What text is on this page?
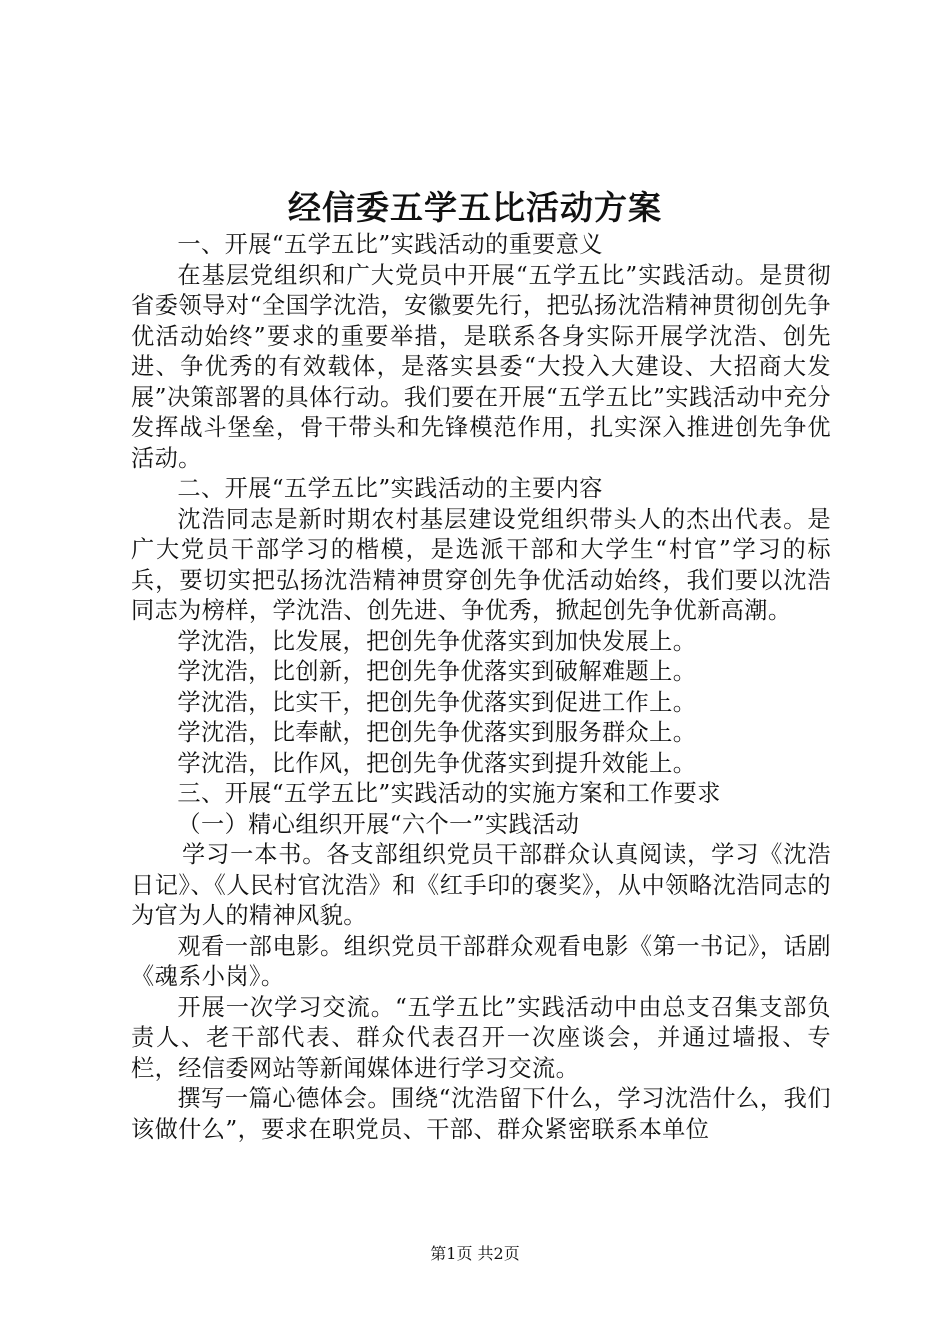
经信委五学五比活动方案

一、开展“五学五比”实践活动的重要意义

在基层党组织和广大党员中开展“五学五比”实践活动。是贯彻省委领导对“全国学沈浩，安徽要先行，把弘扬沈浩精神贯彻创先争优活动始终”要求的重要举措，是联系各身实际开展学沈浩、创先进、争优秀的有效载体，是落实县委“大投入大建设、大招商大发展”决策部署的具体行动。我们要在开展“五学五比”实践活动中充分发挥战斗堡垒，骨干带头和先锋模范作用，扎实深入推进创先争优活动。

二、开展“五学五比”实践活动的主要内容

沈浩同志是新时期农村基层建设党组织带头人的杰出代表。是广大党员干部学习的楷模，是选派干部和大学生“村官”学习的标兵，要切实把弘扬沈浩精神贯穿创先争优活动始终，我们要以沈浩同志为榜样，学沈浩、创先进、争优秀，掀起创先争优新高潮。

学沈浩，比发展，把创先争优落实到加快发展上。

学沈浩，比创新，把创先争优落实到破解难题上。

学沈浩，比实干，把创先争优落实到促进工作上。

学沈浩，比奉献，把创先争优落实到服务群众上。

学沈浩，比作风，把创先争优落实到提升效能上。

三、开展“五学五比”实践活动的实施方案和工作要求

（一）精心组织开展“六个一”实践活动

学习一本书。各支部组织党员干部群众认真阅读，学习《沈浩日记》、《人民村官沈浩》和《红手印的褒奖》，从中领略沈浩同志的为官为人的精神风貌。

观看一部电影。组织党员干部群众观看电影《第一书记》，话剧《魂系小岗》。

开展一次学习交流。“五学五比”实践活动中由总支召集支部负责人、老干部代表、群众代表召开一次座谈会，并通过墙报、专栏，经信委网站等新闻媒体进行学习交流。

撰写一篇心德体会。围绕“沈浩留下什么，学习沈浩什么，我们该做什么”，要求在职党员、干部、群众紧密联系本单位

第1页 共2页
